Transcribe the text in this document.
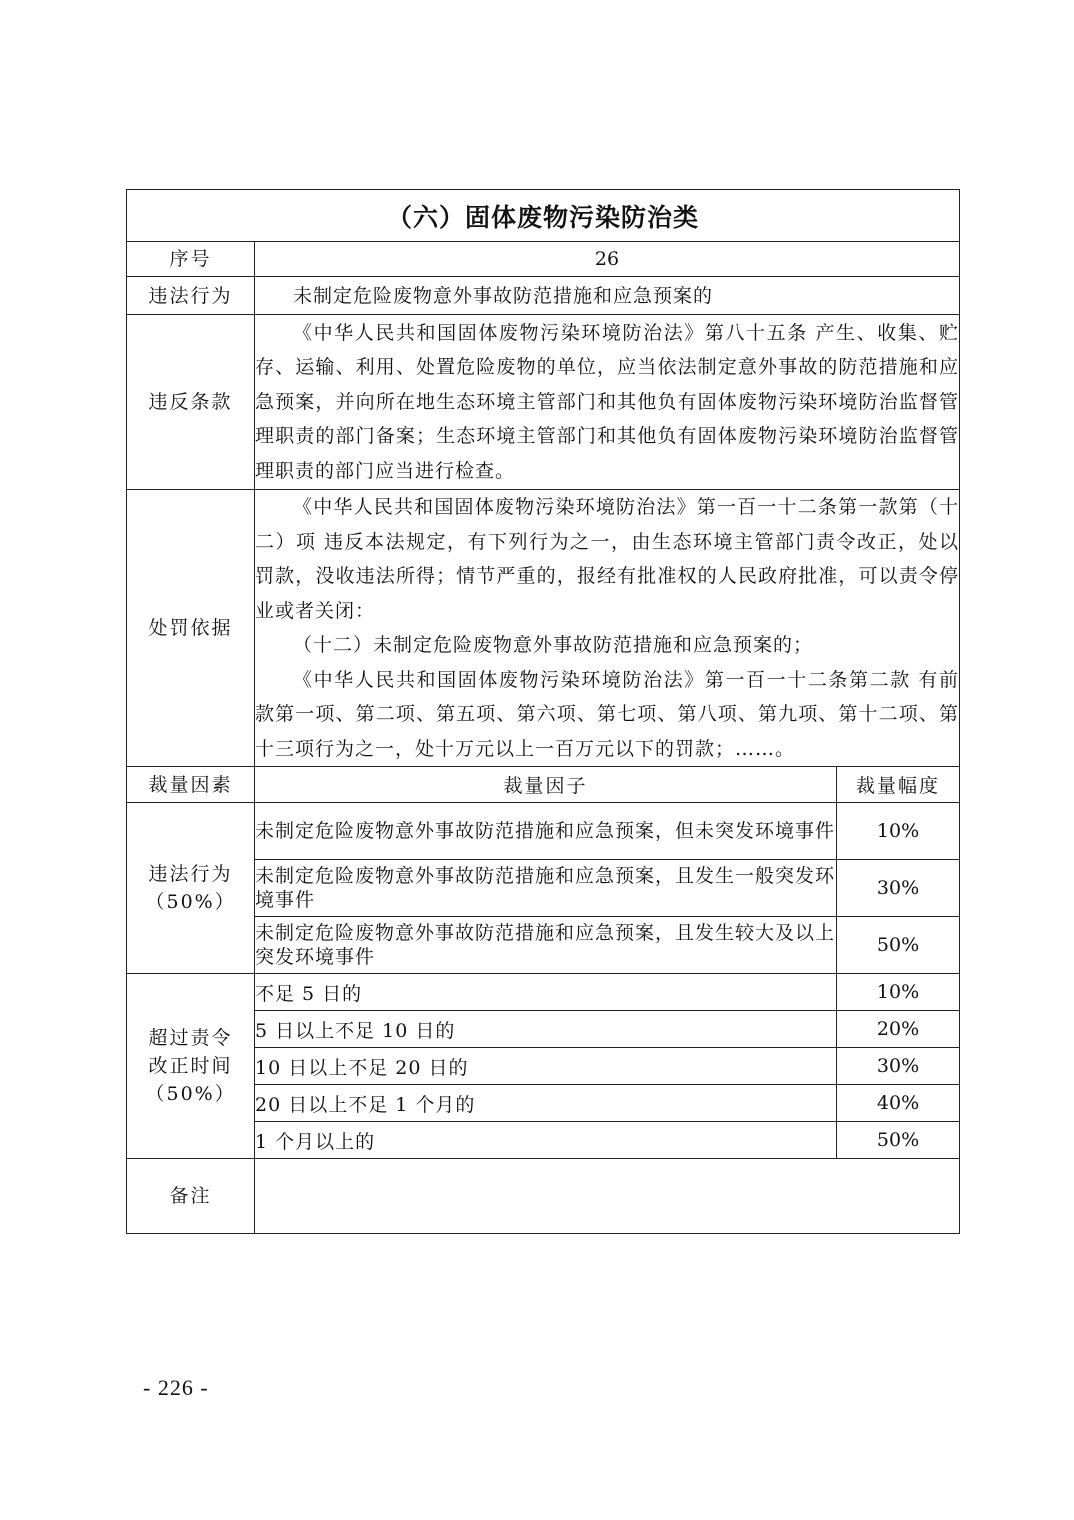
（六）固体废物污染防治类		
序号	26	
违法行为	未制定危险废物意外事故防范措施和应急预案的	

违反条款	《中华人民共和国固体废物污染环境防治法》第八十五条 产生、收集、贮存、运输、利用、处置危险废物的单位，应当依法制定意外事故的防范措施和应急预案，并向所在地生态环境主管部门和其他负有固体废物污染环境防治监督管理职责的部门备案；生态环境主管部门和其他负有固体废物污染环境防治监督管理职责的部门应当进行检查。	

处罚依据	《中华人民共和国固体废物污染环境防治法》第一百一十二条第一款第（十二）项 违反本法规定，有下列行为之一，由生态环境主管部门责令改正，处以罚款，没收违法所得；情节严重的，报经有批准权的人民政府批准，可以责令停业或者关闭：

（十二）未制定危险废物意外事故防范措施和应急预案的；

《中华人民共和国固体废物污染环境防治法》第一百一十二条第二款 有前款第一项、第二项、第五项、第六项、第七项、第八项、第九项、第十二项、第十三项行为之一，处十万元以上一百万元以下的罚款；……。	

裁量因素	裁量因子	裁量幅度
违法行为（50%）	未制定危险废物意外事故防范措施和应急预案，但未突发环境事件	10%
	未制定危险废物意外事故防范措施和应急预案，且发生一般突发环境事件	30%
	未制定危险废物意外事故防范措施和应急预案，且发生较大及以上突发环境事件	50%
超过责令改正时间（50%）	不足 5 日的	10%
	5 日以上不足 10 日的	20%
	10 日以上不足 20 日的	30%
	20 日以上不足 1 个月的	40%
	1 个月以上的	50%
备注		
- 226 -
